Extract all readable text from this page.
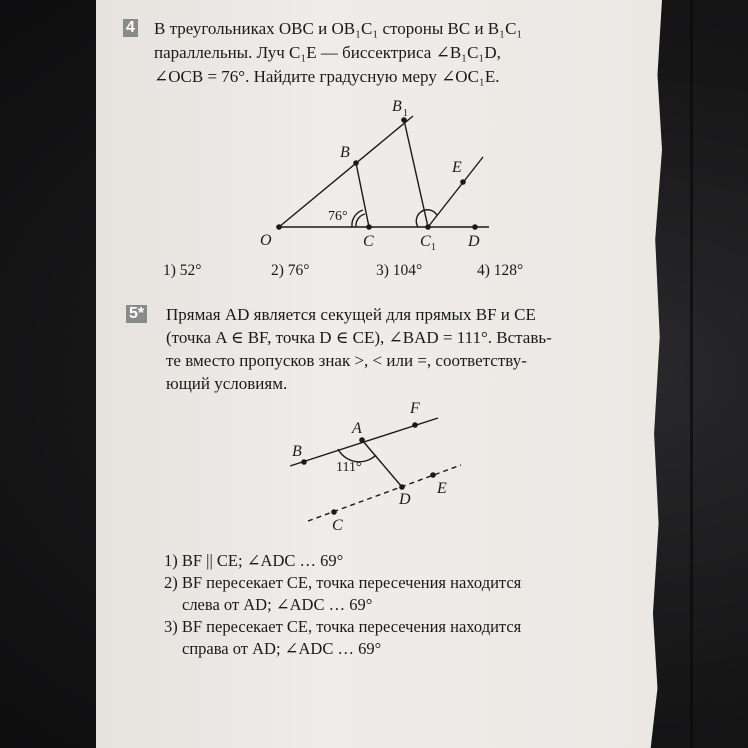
4 В треугольниках OBC и OB₁C₁ стороны BC и B₁C₁
параллельны. Луч C₁E — биссектриса ∠B₁C₁D,
∠OCB = 76°. Найдите градусную меру ∠OC₁E.
O
B
B 1
C	C 1 D
E
76°
1) 52°	2) 76°	3) 104°	4) 128°
5* Прямая AD является секущей для прямых BF и CE
(точка A ∈ BF, точка D ∈ CE), ∠BAD = 111°. Вставь-
те вместо пропусков знак >, < или =, соответству-
ющий условиям.
B
A
F
D
E
C
111°
1) BF || CE; ∠ADC … 69°
2) BF пересекает CE, точка пересечения находится
слева от AD; ∠ADC … 69°
3) BF пересекает CE, точка пересечения находится
справа от AD; ∠ADC … 69°
